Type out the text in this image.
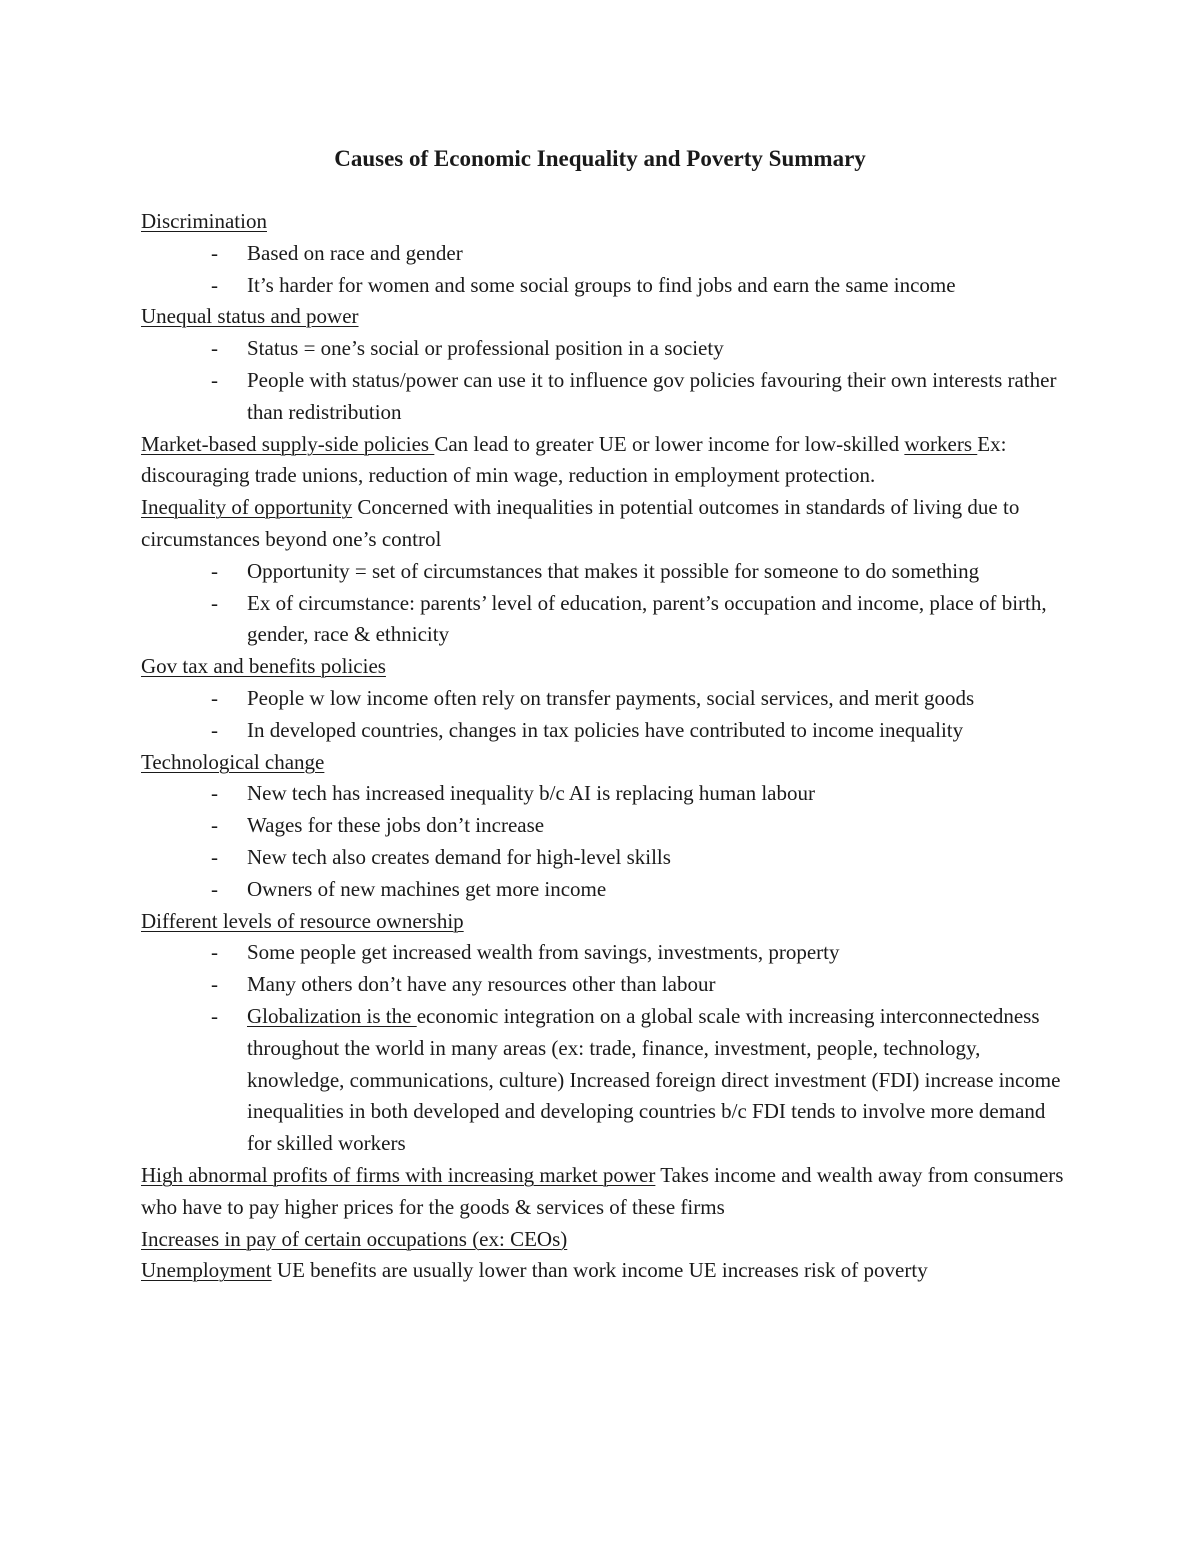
Causes of Economic Inequality and Poverty Summary

Discrimination

- Based on race and gender
- It’s harder for women and some social groups to find jobs and earn the same income

Unequal status and power

- Status = one’s social or professional position in a society
- People with status/power can use it to influence gov policies favouring their own interests rather than redistribution

Market-based supply-side policies Can lead to greater UE or lower income for low-skilled workers Ex: discouraging trade unions, reduction of min wage, reduction in employment protection.

Inequality of opportunity Concerned with inequalities in potential outcomes in standards of living due to circumstances beyond one’s control

- Opportunity = set of circumstances that makes it possible for someone to do something
- Ex of circumstance: parents’ level of education, parent’s occupation and income, place of birth, gender, race & ethnicity

Gov tax and benefits policies

- People w low income often rely on transfer payments, social services, and merit goods
- In developed countries, changes in tax policies have contributed to income inequality

Technological change

- New tech has increased inequality b/c AI is replacing human labour
- Wages for these jobs don’t increase
- New tech also creates demand for high-level skills
- Owners of new machines get more income

Different levels of resource ownership

- Some people get increased wealth from savings, investments, property
- Many others don’t have any resources other than labour
- Globalization is the economic integration on a global scale with increasing interconnectedness throughout the world in many areas (ex: trade, finance, investment, people, technology, knowledge, communications, culture) Increased foreign direct investment (FDI) increase income inequalities in both developed and developing countries b/c FDI tends to involve more demand for skilled workers

High abnormal profits of firms with increasing market power Takes income and wealth away from consumers who have to pay higher prices for the goods & services of these firms

Increases in pay of certain occupations (ex: CEOs)

Unemployment UE benefits are usually lower than work income UE increases risk of poverty
